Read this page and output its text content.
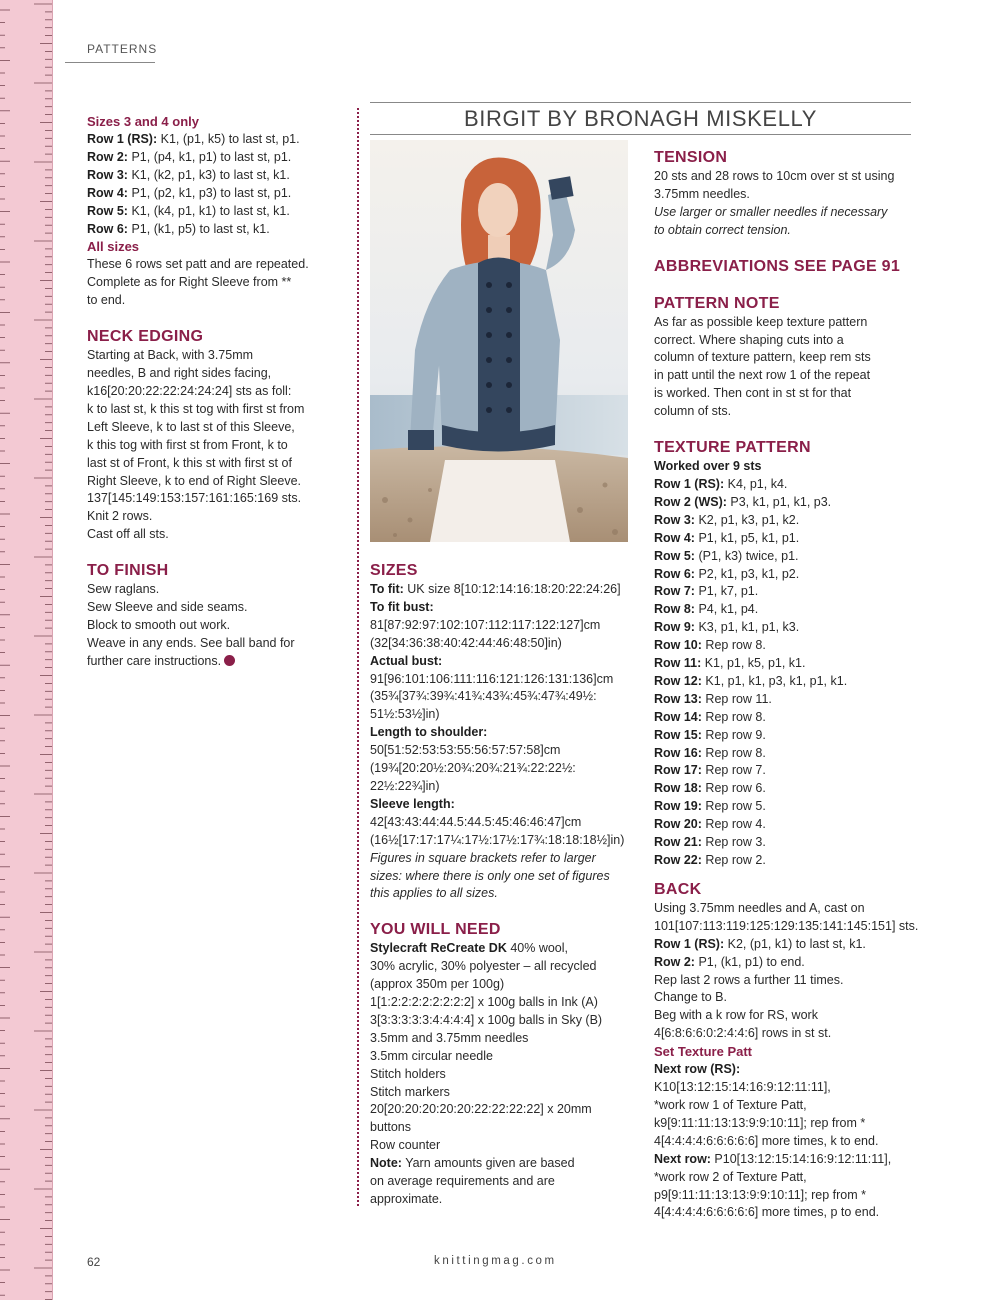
PATTERNS
BIRGIT BY BRONAGH MISKELLY

Sizes 3 and 4 only

Row 1 (RS): K1, (p1, k5) to last st, p1.

Row 2: P1, (p4, k1, p1) to last st, p1.

Row 3: K1, (k2, p1, k3) to last st, k1.

Row 4: P1, (p2, k1, p3) to last st, p1.

Row 5: K1, (k4, p1, k1) to last st, k1.

Row 6: P1, (k1, p5) to last st, k1.

All sizes

These 6 rows set patt and are repeated.

Complete as for Right Sleeve from **

to end.

NECK EDGING

Starting at Back, with 3.75mm

needles, B and right sides facing,

k16[20:20:22:22:24:24:24] sts as foll:

k to last st, k this st tog with first st from

Left Sleeve, k to last st of this Sleeve,

k this tog with first st from Front, k to

last st of Front, k this st with first st of

Right Sleeve, k to end of Right Sleeve.

137[145:149:153:157:161:165:169 sts.

Knit 2 rows.

Cast off all sts.

TO FINISH

Sew raglans.

Sew Sleeve and side seams.

Block to smooth out work.

Weave in any ends. See ball band for

further care instructions.

SIZES

To fit: UK size 8[10:12:14:16:18:20:22:24:26]

To fit bust:

81[87:92:97:102:107:112:117:122:127]cm

(32[34:36:38:40:42:44:46:48:50]in)

Actual bust:

91[96:101:106:111:116:121:126:131:136]cm

(35¾[37¾:39¾:41¾:43¾:45¾:47¾:49½:

51½:53½]in)

Length to shoulder:

50[51:52:53:53:55:56:57:57:58]cm

(19¾[20:20½:20¾:20¾:21¾:22:22½:

22½:22¾]in)

Sleeve length:

42[43:43:44:44.5:44.5:45:46:46:47]cm

(16½[17:17:17¼:17½:17½:17¾:18:18:18½]in)

Figures in square brackets refer to larger

sizes: where there is only one set of figures

this applies to all sizes.

YOU WILL NEED

Stylecraft ReCreate DK 40% wool,

30% acrylic, 30% polyester – all recycled

(approx 350m per 100g)

1[1:2:2:2:2:2:2:2:2] x 100g balls in Ink (A)

3[3:3:3:3:3:4:4:4:4] x 100g balls in Sky (B)

3.5mm and 3.75mm needles

3.5mm circular needle

Stitch holders

Stitch markers

20[20:20:20:20:20:22:22:22:22] x 20mm

buttons

Row counter

Note: Yarn amounts given are based

on average requirements and are

approximate.

TENSION

20 sts and 28 rows to 10cm over st st using

3.75mm needles.

Use larger or smaller needles if necessary

to obtain correct tension.

ABBREVIATIONS SEE PAGE 91

PATTERN NOTE

As far as possible keep texture pattern

correct. Where shaping cuts into a

column of texture pattern, keep rem sts

in patt until the next row 1 of the repeat

is worked. Then cont in st st for that

column of sts.

TEXTURE PATTERN

Worked over 9 sts

Row 1 (RS): K4, p1, k4.

Row 2 (WS): P3, k1, p1, k1, p3.

Row 3: K2, p1, k3, p1, k2.

Row 4: P1, k1, p5, k1, p1.

Row 5: (P1, k3) twice, p1.

Row 6: P2, k1, p3, k1, p2.

Row 7: P1, k7, p1.

Row 8: P4, k1, p4.

Row 9: K3, p1, k1, p1, k3.

Row 10: Rep row 8.

Row 11: K1, p1, k5, p1, k1.

Row 12: K1, p1, k1, p3, k1, p1, k1.

Row 13: Rep row 11.

Row 14: Rep row 8.

Row 15: Rep row 9.

Row 16: Rep row 8.

Row 17: Rep row 7.

Row 18: Rep row 6.

Row 19: Rep row 5.

Row 20: Rep row 4.

Row 21: Rep row 3.

Row 22: Rep row 2.

BACK

Using 3.75mm needles and A, cast on

101[107:113:119:125:129:135:141:145:151] sts.

Row 1 (RS): K2, (p1, k1) to last st, k1.

Row 2: P1, (k1, p1) to end.

Rep last 2 rows a further 11 times.

Change to B.

Beg with a k row for RS, work

4[6:8:6:6:0:2:4:4:6] rows in st st.

Set Texture Patt

Next row (RS): K10[13:12:15:14:16:9:12:11:11],

*work row 1 of Texture Patt,

k9[9:11:11:13:13:9:9:10:11]; rep from *

4[4:4:4:4:6:6:6:6:6] more times, k to end.

Next row: P10[13:12:15:14:16:9:12:11:11],

*work row 2 of Texture Patt,

p9[9:11:11:13:13:9:9:10:11]; rep from *

4[4:4:4:4:6:6:6:6:6] more times, p to end.

62	knittingmag.com
